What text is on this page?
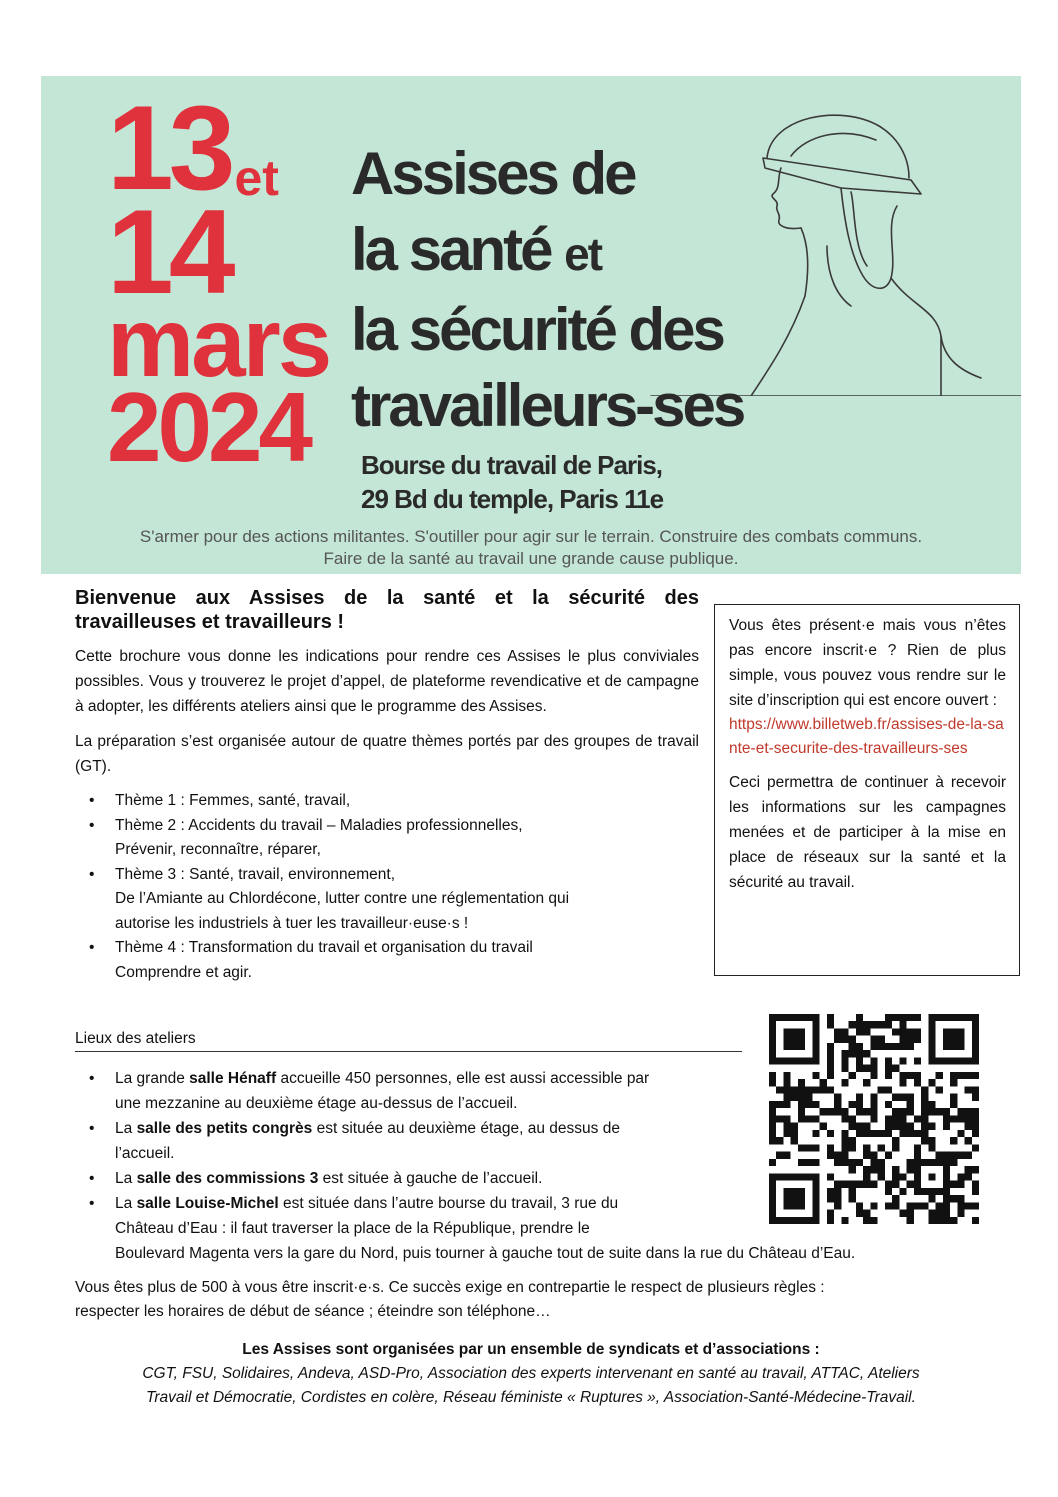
$13^{et}$
14
mars
2024
Assises de
la santé et
la sécurité des
travailleurs-ses
Bourse du travail de Paris,
29 Bd du temple, Paris 11e
S'armer pour des actions militantes. S'outiller pour agir sur le terrain. Construire des combats communs.
Faire de la santé au travail une grande cause publique.
Bienvenue aux Assises de la santé et la sécurité des travailleuses et travailleurs !

Cette brochure vous donne les indications pour rendre ces Assises le plus conviviales possibles. Vous y trouverez le projet d’appel, de plateforme revendicative et de campagne à adopter, les différents ateliers ainsi que le programme des Assises.

La préparation s’est organisée autour de quatre thèmes portés par des groupes de travail (GT).

• Thème 1 : Femmes, santé, travail,
• Thème 2 : Accidents du travail – Maladies professionnelles,
Prévenir, reconnaître, réparer,
• Thème 3 : Santé, travail, environnement,
De l’Amiante au Chlordécone, lutter contre une réglementation qui
autorise les industriels à tuer les travailleur·euse·s !
• Thème 4 : Transformation du travail et organisation du travail
Comprendre et agir.

Vous êtes présent·e mais vous n’êtes pas encore inscrit·e ? Rien de plus simple, vous pouvez vous rendre sur le site d’inscription qui est encore ouvert :
https://www.billetweb.fr/assises-de-la-sante-et-securite-des-travailleurs-ses

Ceci permettra de continuer à recevoir les informations sur les campagnes menées et de participer à la mise en place de réseaux sur la santé et la sécurité au travail.

Lieux des ateliers
• La grande salle Hénaff accueille 450 personnes, elle est aussi accessible par
une mezzanine au deuxième étage au-dessus de l’accueil.
• La salle des petits congrès est située au deuxième étage, au dessus de
l’accueil.
• La salle des commissions 3 est située à gauche de l’accueil.
• La salle Louise-Michel est située dans l’autre bourse du travail, 3 rue du
Château d’Eau : il faut traverser la place de la République, prendre le
Boulevard Magenta vers la gare du Nord, puis tourner à gauche tout de suite dans la rue du Château d’Eau.
Vous êtes plus de 500 à vous être inscrit·e·s. Ce succès exige en contrepartie le respect de plusieurs règles :
respecter les horaires de début de séance ; éteindre son téléphone…
Les Assises sont organisées par un ensemble de syndicats et d’associations :
CGT, FSU, Solidaires, Andeva, ASD-Pro, Association des experts intervenant en santé au travail, ATTAC, Ateliers
Travail et Démocratie, Cordistes en colère, Réseau féministe « Ruptures », Association-Santé-Médecine-Travail.
